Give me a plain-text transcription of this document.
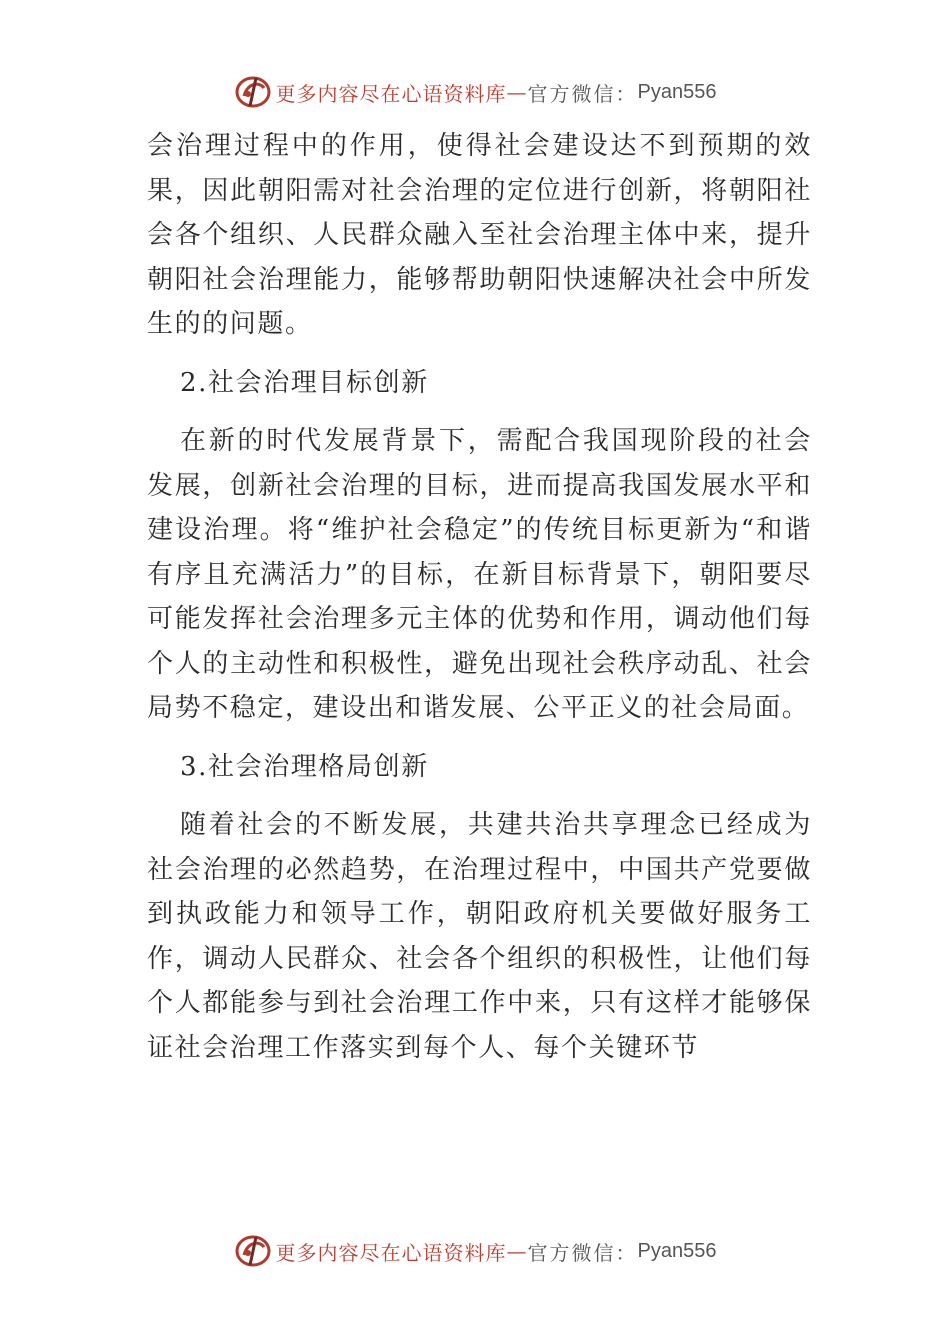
更多内容尽在心语资料库 — 官方微信： Pyan556

会治理过程中的作用，使得社会建设达不到预期的效果，因此朝阳需对社会治理的定位进行创新，将朝阳社会各个组织、人民群众融入至社会治理主体中来，提升朝阳社会治理能力，能够帮助朝阳快速解决社会中所发生的的问题。

2.社会治理目标创新

在新的时代发展背景下，需配合我国现阶段的社会发展，创新社会治理的目标，进而提高我国发展水平和建设治理。将“维护社会稳定”的传统目标更新为“和谐有序且充满活力”的目标，在新目标背景下，朝阳要尽可能发挥社会治理多元主体的优势和作用，调动他们每个人的主动性和积极性，避免出现社会秩序动乱、社会局势不稳定，建设出和谐发展、公平正义的社会局面。

3.社会治理格局创新

随着社会的不断发展，共建共治共享理念已经成为社会治理的必然趋势，在治理过程中，中国共产党要做到执政能力和领导工作，朝阳政府机关要做好服务工作，调动人民群众、社会各个组织的积极性，让他们每个人都能参与到社会治理工作中来，只有这样才能够保证社会治理工作落实到每个人、每个关键环节

更多内容尽在心语资料库 — 官方微信： Pyan556
